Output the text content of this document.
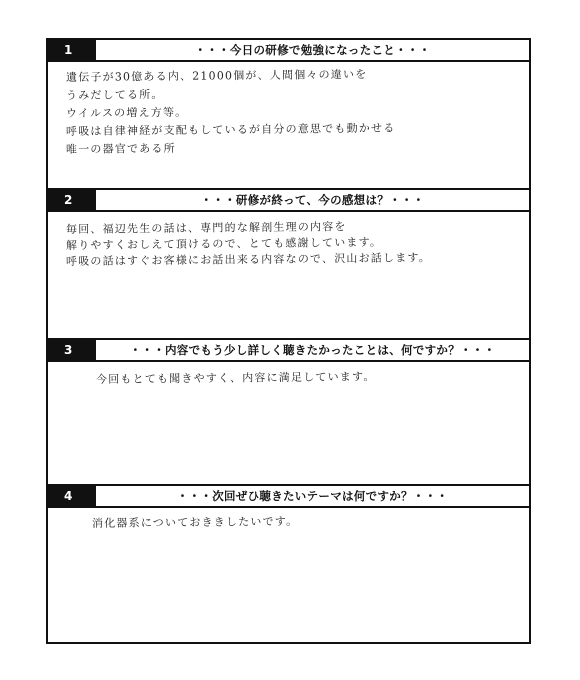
1	・・・今日の研修で勉強になったこと・・・
遺伝子が30億ある内、21000個が、人間個々の違いを
うみだしてる所。
ウイルスの増え方等。
呼吸は自律神経が支配もしているが自分の意思でも動かせる
唯一の器官である所
2	・・・研修が終って、今の感想は？・・・
毎回、福辺先生の話は、専門的な解剖生理の内容を
解りやすくおしえて頂けるので、とても感謝しています。
呼吸の話はすぐお客様にお話出来る内容なので、沢山お話します。
3	・・・内容でもう少し詳しく聴きたかったことは、何ですか？・・・
今回もとても聞きやすく、内容に満足しています。
4	・・・次回ぜひ聴きたいテーマは何ですか？・・・
消化器系についておききしたいです。
